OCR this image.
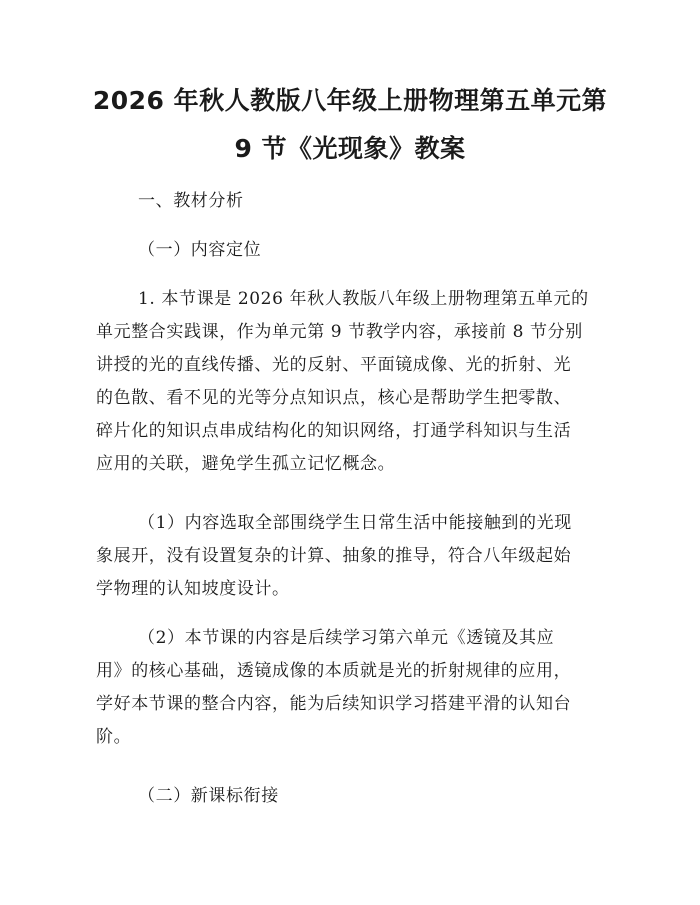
2026 年秋人教版八年级上册物理第五单元第
9 节《光现象》教案
一、教材分析
（一）内容定位
1. 本节课是 2026 年秋人教版八年级上册物理第五单元的
单元整合实践课，作为单元第 9 节教学内容，承接前 8 节分别
讲授的光的直线传播、光的反射、平面镜成像、光的折射、光
的色散、看不见的光等分点知识点，核心是帮助学生把零散、
碎片化的知识点串成结构化的知识网络，打通学科知识与生活
应用的关联，避免学生孤立记忆概念。
（1）内容选取全部围绕学生日常生活中能接触到的光现
象展开，没有设置复杂的计算、抽象的推导，符合八年级起始
学物理的认知坡度设计。
（2）本节课的内容是后续学习第六单元《透镜及其应
用》的核心基础，透镜成像的本质就是光的折射规律的应用，
学好本节课的整合内容，能为后续知识学习搭建平滑的认知台
阶。
（二）新课标衔接
